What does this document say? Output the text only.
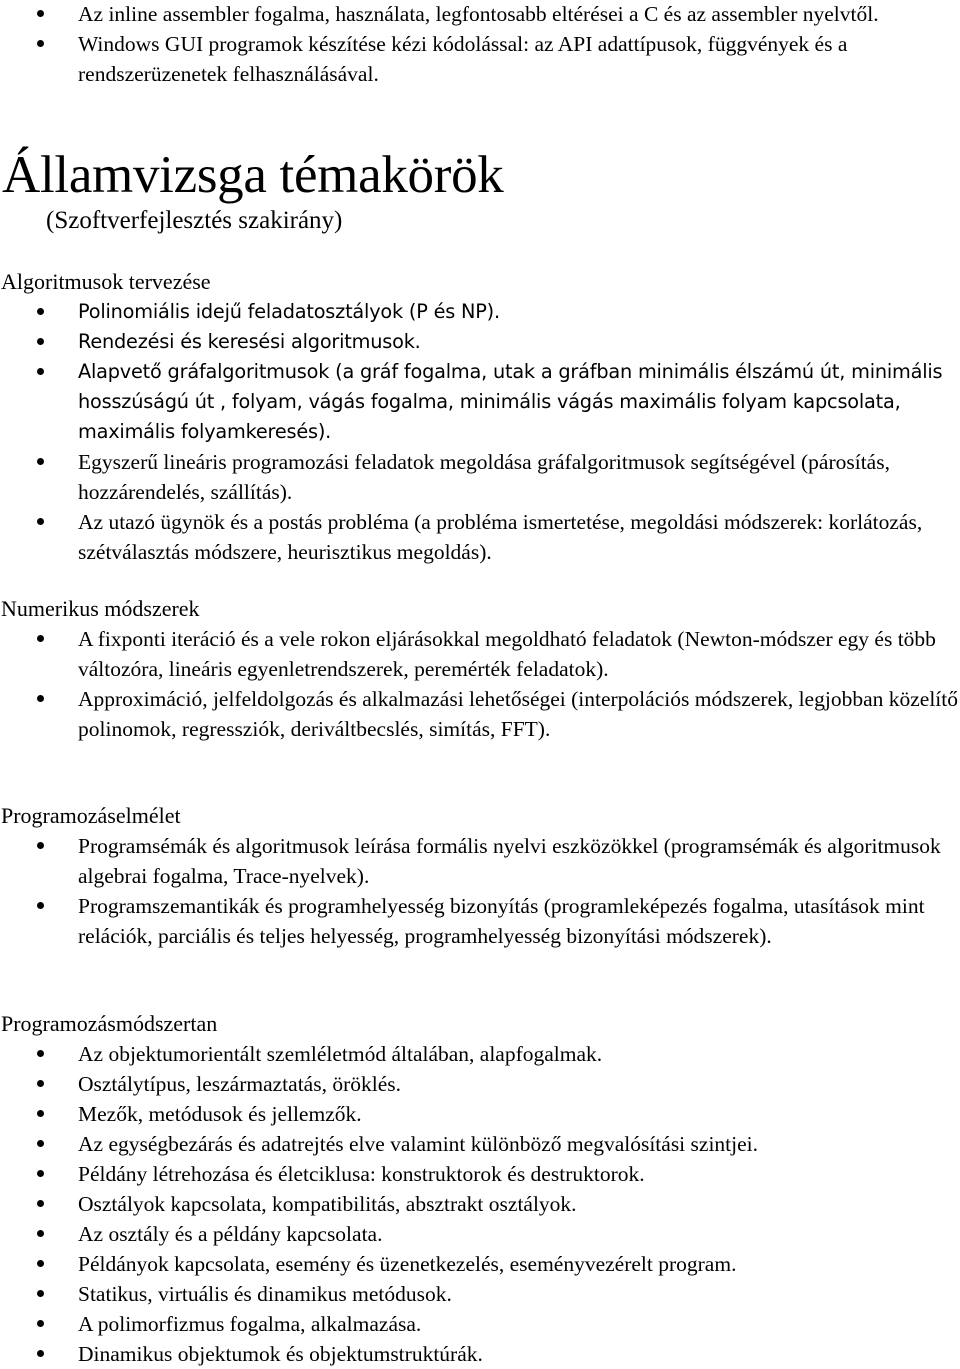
Az inline assembler fogalma, használata, legfontosabb eltérései a C és az assembler nyelvtől.
Windows GUI programok készítése kézi kódolással: az API adattípusok, függvények és a rendszerüzenetek felhasználásával.
Államvizsga témakörök
(Szoftverfejlesztés szakirány)
Algoritmusok tervezése
Polinomiális idejű feladatosztályok (P és NP).
Rendezési és keresési algoritmusok.
Alapvető gráfalgoritmusok (a gráf fogalma, utak a gráfban minimális élszámú út, minimális hosszúságú út , folyam, vágás fogalma, minimális vágás maximális folyam kapcsolata, maximális folyamkeresés).
Egyszerű lineáris programozási feladatok megoldása gráfalgoritmusok segítségével (párosítás, hozzárendelés, szállítás).
Az utazó ügynök és a postás probléma (a probléma ismertetése, megoldási módszerek: korlátozás, szétválasztás módszere, heurisztikus megoldás).
Numerikus módszerek
A fixponti iteráció és a vele rokon eljárásokkal megoldható feladatok (Newton-módszer egy és több változóra, lineáris egyenletrendszerek, peremérték feladatok).
Approximáció, jelfeldolgozás és alkalmazási lehetőségei (interpolációs módszerek, legjobban közelítő polinomok, regressziók, deriváltbecslés, simítás, FFT).
Programozáselmélet
Programsémák és algoritmusok leírása formális nyelvi eszközökkel (programsémák és algoritmusok algebrai fogalma, Trace-nyelvek).
Programszemantikák és programhelyesség bizonyítás (programleképezés fogalma, utasítások mint relációk, parciális és teljes helyesség, programhelyesség bizonyítási módszerek).
Programozásmódszertan
Az objektumorientált szemléletmód általában, alapfogalmak.
Osztálytípus, leszármaztatás, öröklés.
Mezők, metódusok és jellemzők.
Az egységbezárás és adatrejtés elve valamint különböző megvalósítási szintjei.
Példány létrehozása és életciklusa: konstruktorok és destruktorok.
Osztályok kapcsolata, kompatibilitás, absztrakt osztályok.
Az osztály és a példány kapcsolata.
Példányok kapcsolata, esemény és üzenetkezelés, eseményvezérelt program.
Statikus, virtuális és dinamikus metódusok.
A polimorfizmus fogalma, alkalmazása.
Dinamikus objektumok és objektumstruktúrák.
